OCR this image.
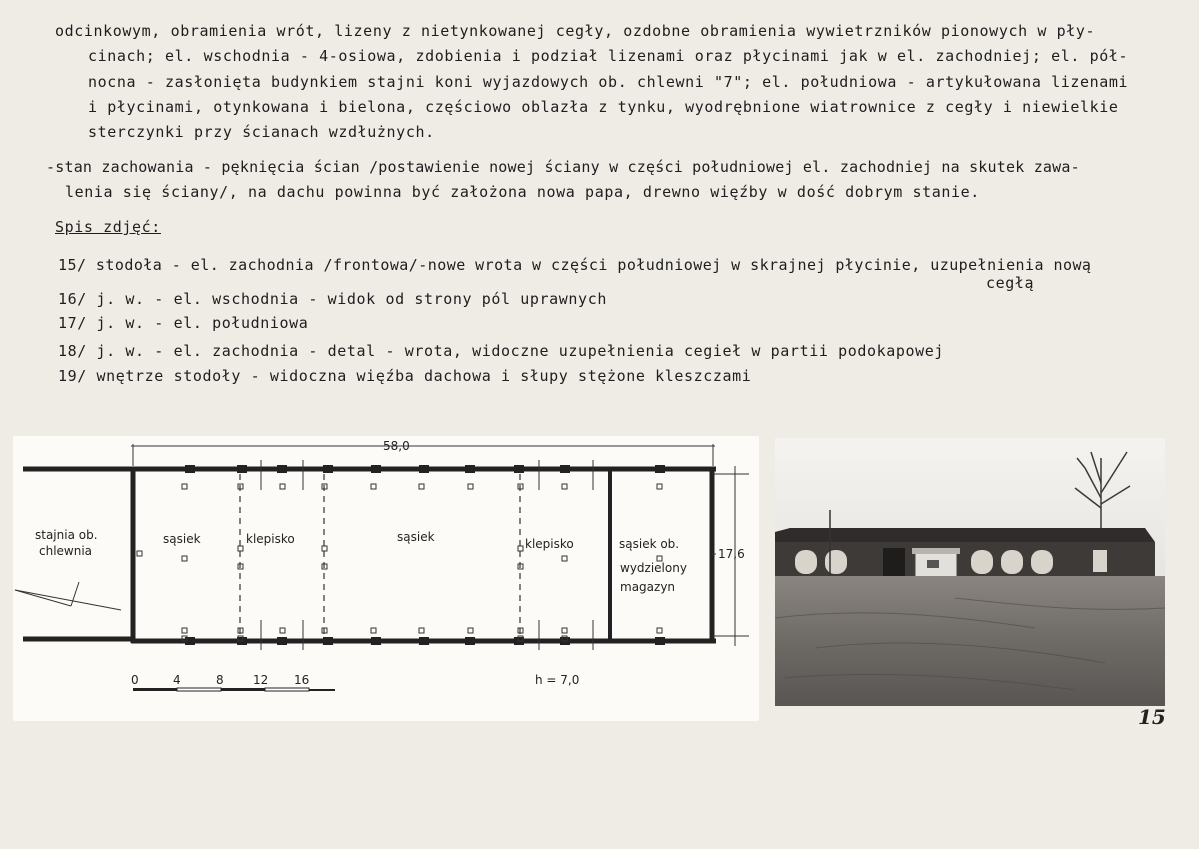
odcinkowym, obramienia wrót, lizeny z nietynkowanej cegły, ozdobne obramienia wywietrzników pionowych w pły-
cinach; el. wschodnia - 4-osiowa, zdobienia i podział lizenami oraz płycinami jak w el. zachodniej; el. pół-
nocna - zasłonięta budynkiem stajni koni wyjazdowych ob. chlewni "7"; el. południowa - artykułowana lizenami
i płycinami, otynkowana i bielona, częściowo oblazła z tynku, wyodrębnione wiatrownice z cegły i niewielkie
sterczynki przy ścianach wzdłużnych.
-stan zachowania - pęknięcia ścian /postawienie nowej ściany w części południowej el. zachodniej na skutek zawa-
lenia się ściany/, na dachu powinna być założona nowa papa, drewno więźby w dość dobrym stanie.
Spis zdjęć:
15/ stodoła - el. zachodnia /frontowa/-nowe wrota w części południowej w skrajnej płycinie, uzupełnienia nową
cegłą
16/ j. w. - el. wschodnia - widok od strony pól uprawnych
17/ j. w. - el. południowa
18/ j. w. - el. zachodnia - detal - wrota, widoczne uzupełnienia cegieł w partii podokapowej
19/ wnętrze stodoły - widoczna więźba dachowa i słupy stężone kleszczami
58,0
stajnia ob.
chlewnia
sąsiek	klepisko	sąsiek	klepisko	sąsiek ob.
wydzielony
magazyn
17,6
0	4	8 12 16	h = 7,0
15
